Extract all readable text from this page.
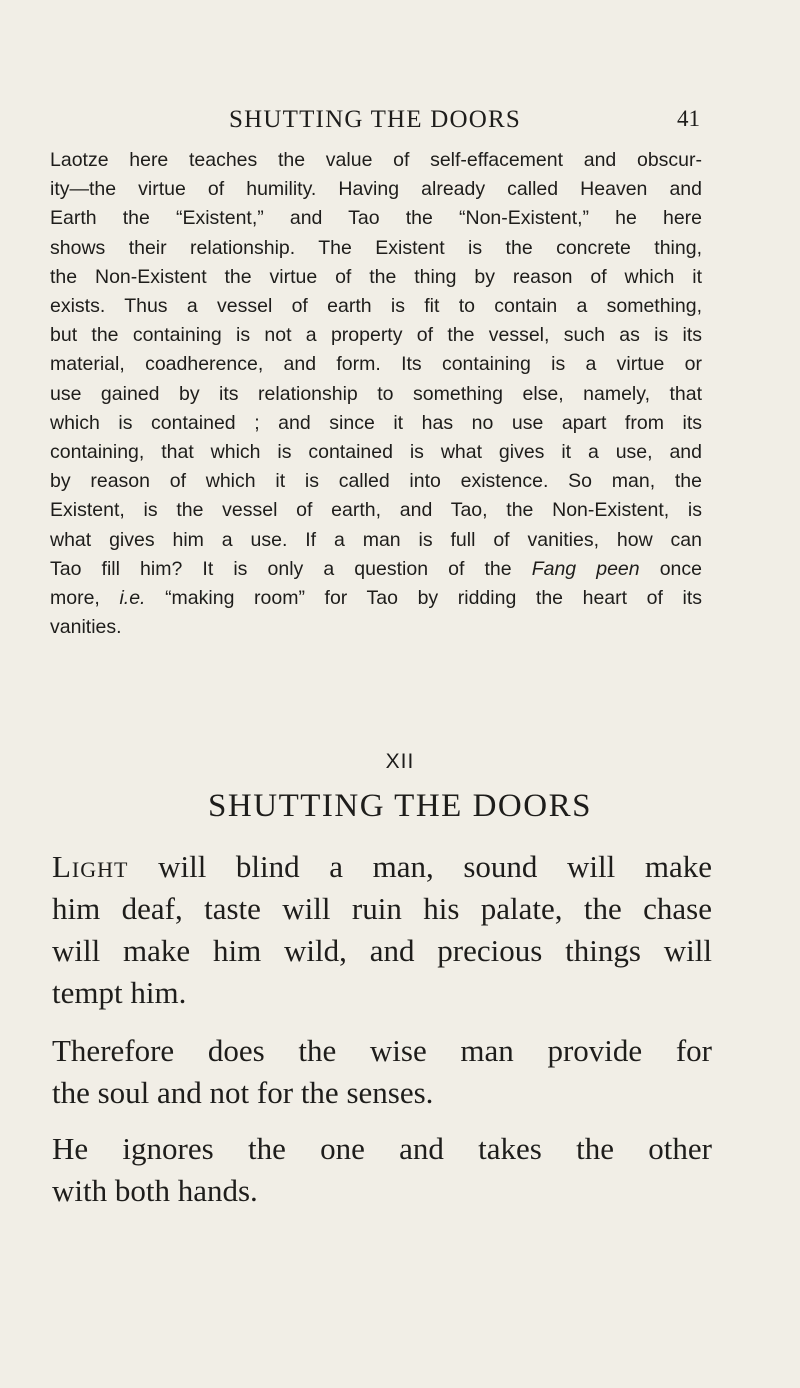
SHUTTING THE DOORS	41
Laotze here teaches the value of self-effacement and obscur-
ity—the virtue of humility. Having already called Heaven and
Earth the “Existent,” and Tao the “Non-Existent,” he here
shows their relationship. The Existent is the concrete thing,
the Non-Existent the virtue of the thing by reason of which it
exists. Thus a vessel of earth is fit to contain a something,
but the containing is not a property of the vessel, such as is its
material, coadherence, and form. Its containing is a virtue or
use gained by its relationship to something else, namely, that
which is contained ; and since it has no use apart from its
containing, that which is contained is what gives it a use, and
by reason of which it is called into existence. So man, the
Existent, is the vessel of earth, and Tao, the Non-Existent, is
what gives him a use. If a man is full of vanities, how can
Tao fill him? It is only a question of the Fang peen once
more, i.e. “making room” for Tao by ridding the heart of its
vanities.
XII
SHUTTING THE DOORS
Light will blind a man, sound will make
him deaf, taste will ruin his palate, the chase
will make him wild, and precious things will
tempt him.
Therefore does the wise man provide for
the soul and not for the senses.
He ignores the one and takes the other
with both hands.
